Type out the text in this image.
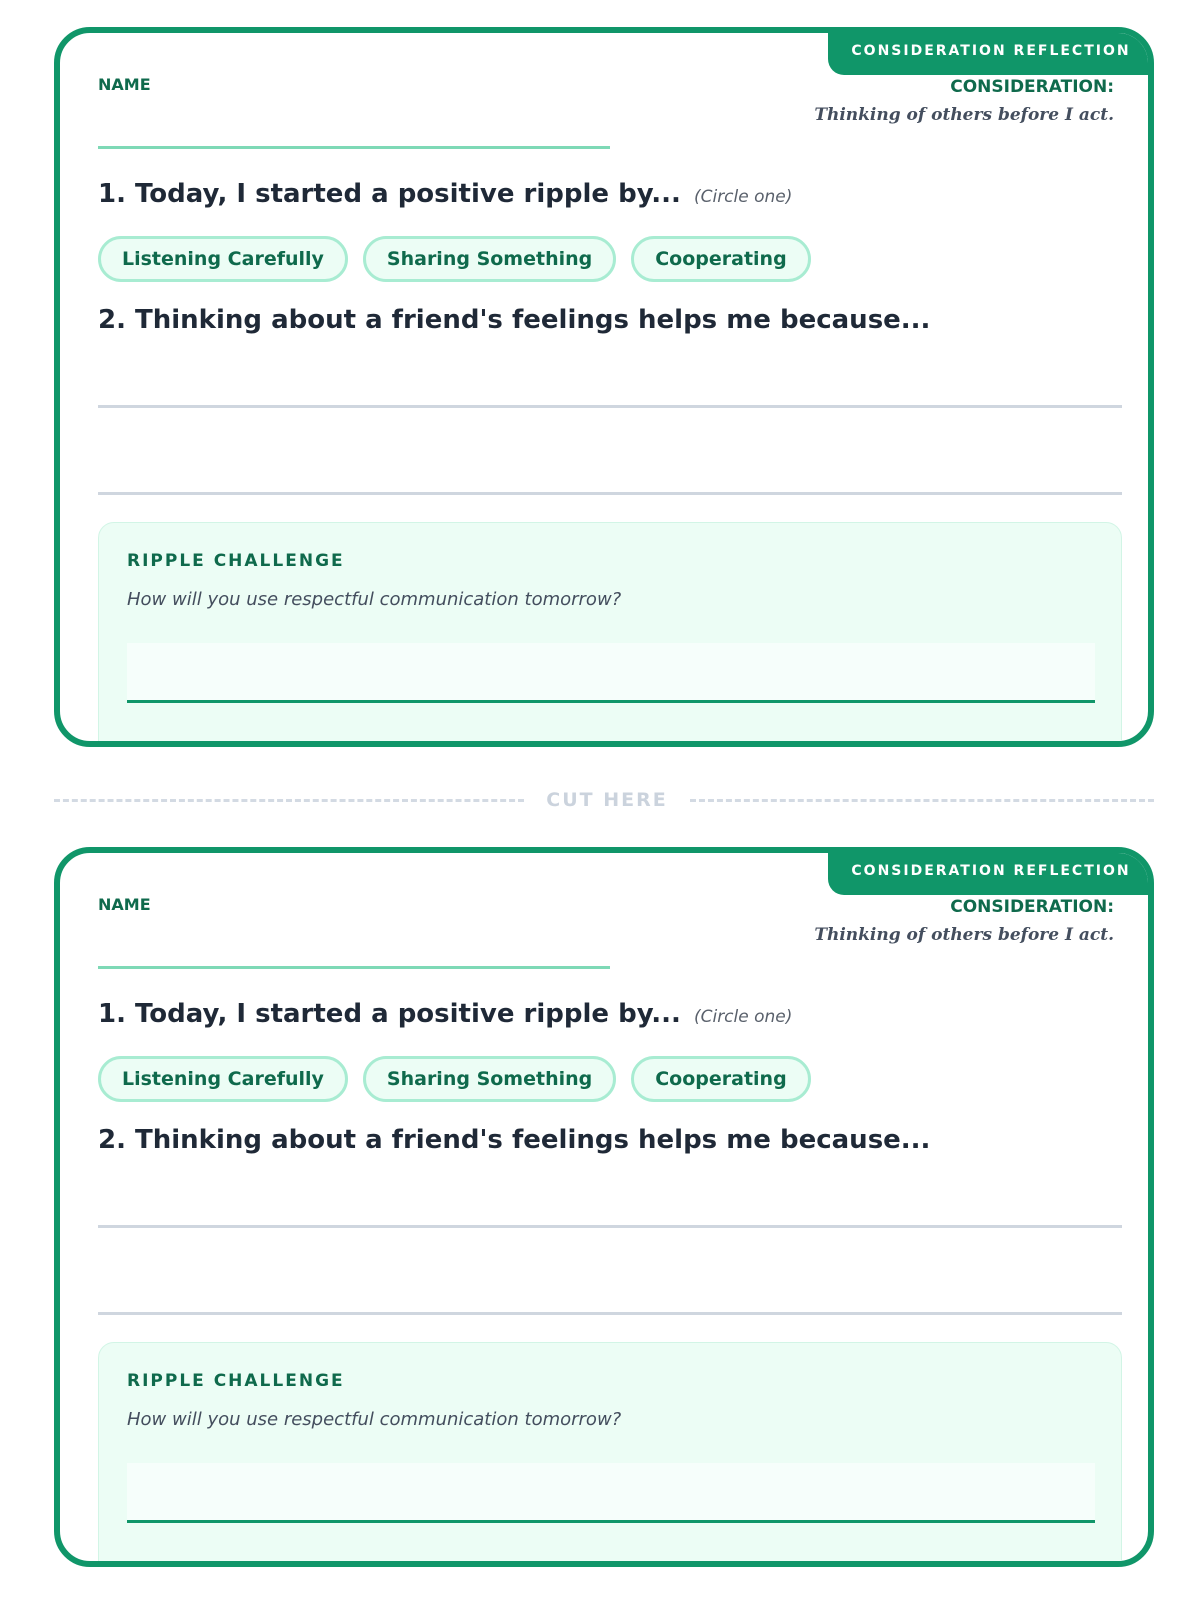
CONSIDERATION REFLECTION
CONSIDERATION:
Thinking of others before I act.
NAME
1. Today, I started a positive ripple by... (Circle one)
Listening Carefully	Sharing Something	Cooperating
2. Thinking about a friend's feelings helps me because...
RIPPLE CHALLENGE
How will you use respectful communication tomorrow?
CUT HERE
CONSIDERATION REFLECTION
CONSIDERATION:
Thinking of others before I act.
NAME
1. Today, I started a positive ripple by... (Circle one)
Listening Carefully	Sharing Something	Cooperating
2. Thinking about a friend's feelings helps me because...
RIPPLE CHALLENGE
How will you use respectful communication tomorrow?
